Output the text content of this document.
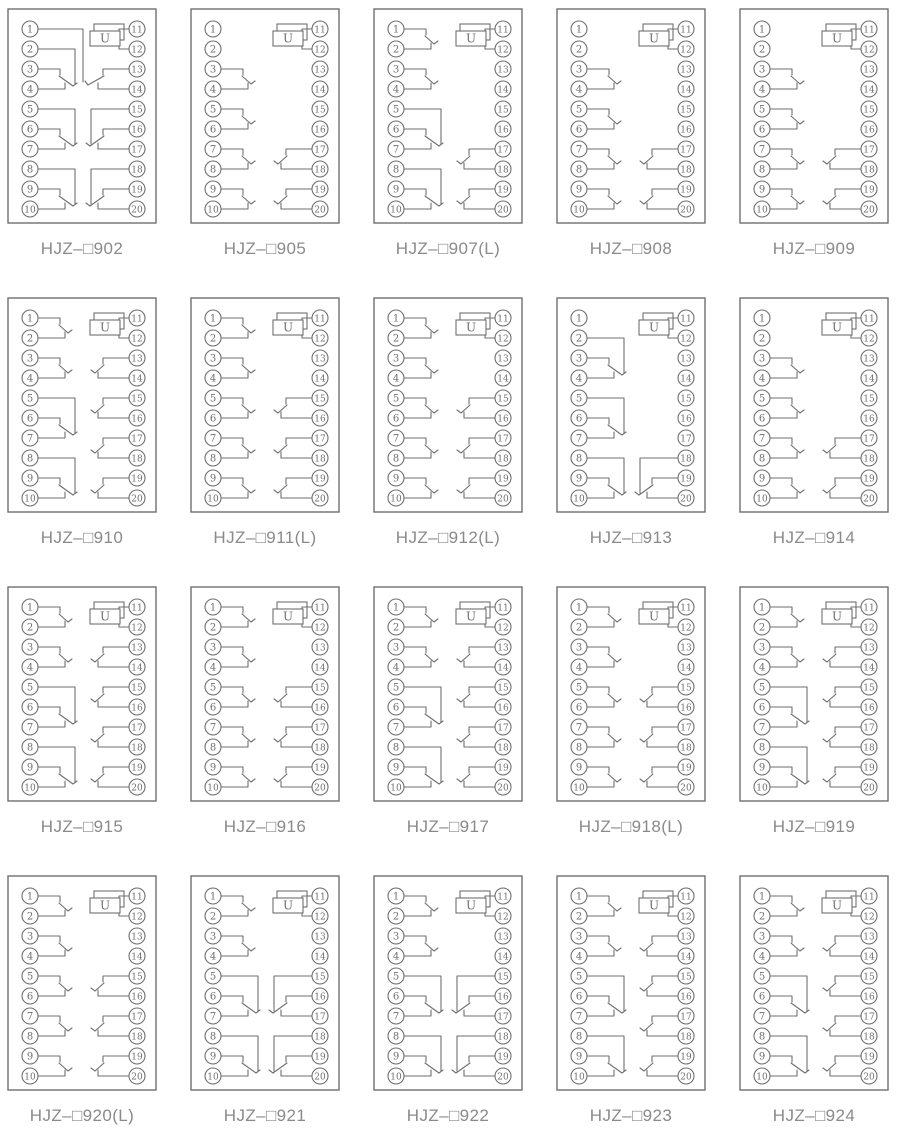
U
1	11
2	12
3	13
4	14
5	15
6	16
7	17
8	18
9	19
10	20
HJZ–□902
U
1	11
2	12
3	13
4	14
5	15
6	16
7	17
8	18
9	19
10	20
HJZ–□905
U
1	11
2	12
3	13
4	14
5	15
6	16
7	17
8	18
9	19
10	20
HJZ–□907(L)
U
1	11
2	12
3	13
4	14
5	15
6	16
7	17
8	18
9	19
10	20
HJZ–□908
U
1	11
2	12
3	13
4	14
5	15
6	16
7	17
8	18
9	19
10	20
HJZ–□909
U
1	11
2	12
3	13
4	14
5	15
6	16
7	17
8	18
9	19
10	20
HJZ–□910
U
1	11
2	12
3	13
4	14
5	15
6	16
7	17
8	18
9	19
10	20
HJZ–□911(L)
U
1	11
2	12
3	13
4	14
5	15
6	16
7	17
8	18
9	19
10	20
HJZ–□912(L)
U
1	11
2	12
3	13
4	14
5	15
6	16
7	17
8	18
9	19
10	20
HJZ–□913
U
1	11
2	12
3	13
4	14
5	15
6	16
7	17
8	18
9	19
10	20
HJZ–□914
U
1	11
2	12
3	13
4	14
5	15
6	16
7	17
8	18
9	19
10	20
HJZ–□915
U
1	11
2	12
3	13
4	14
5	15
6	16
7	17
8	18
9	19
10	20
HJZ–□916
U
1	11
2	12
3	13
4	14
5	15
6	16
7	17
8	18
9	19
10	20
HJZ–□917
U
1	11
2	12
3	13
4	14
5	15
6	16
7	17
8	18
9	19
10	20
HJZ–□918(L)
U
1	11
2	12
3	13
4	14
5	15
6	16
7	17
8	18
9	19
10	20
HJZ–□919
U
1	11
2	12
3	13
4	14
5	15
6	16
7	17
8	18
9	19
10	20
HJZ–□920(L)
U
1	11
2	12
3	13
4	14
5	15
6	16
7	17
8	18
9	19
10	20
HJZ–□921
U
1	11
2	12
3	13
4	14
5	15
6	16
7	17
8	18
9	19
10	20
HJZ–□922
U
1	11
2	12
3	13
4	14
5	15
6	16
7	17
8	18
9	19
10	20
HJZ–□923
U
1	11
2	12
3	13
4	14
5	15
6	16
7	17
8	18
9	19
10	20
HJZ–□924
